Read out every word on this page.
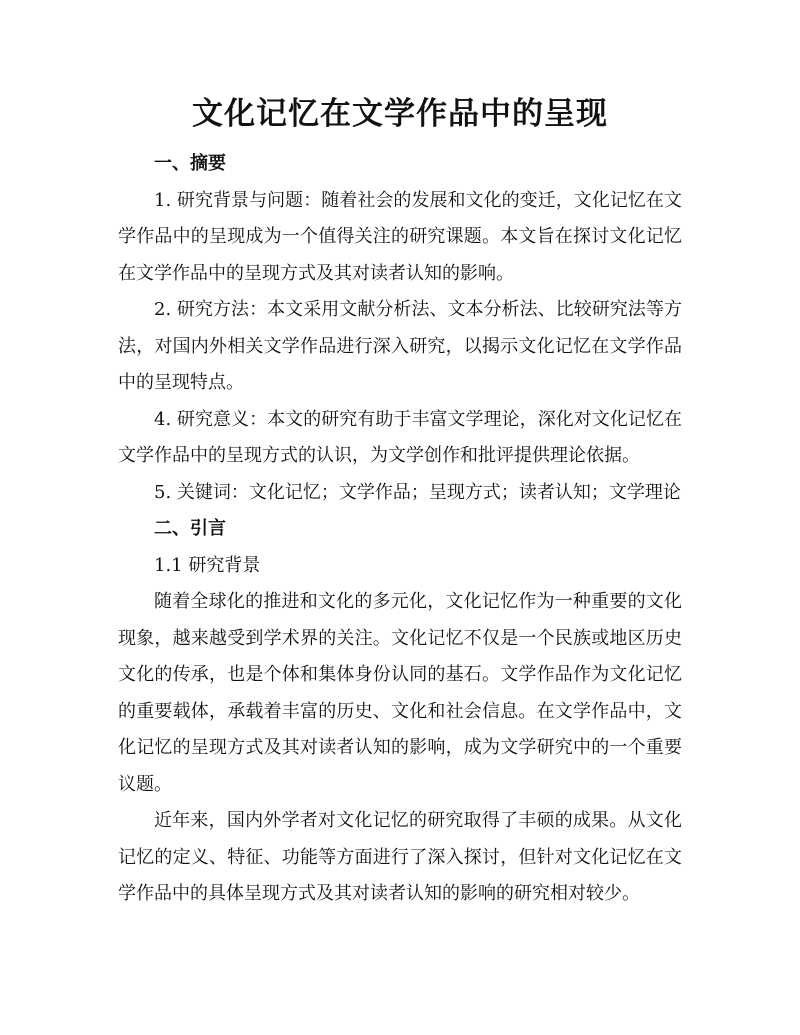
文化记忆在文学作品中的呈现

一、摘要

1. 研究背景与问题：随着社会的发展和文化的变迁，文化记忆在文学作品中的呈现成为一个值得关注的研究课题。本文旨在探讨文化记忆在文学作品中的呈现方式及其对读者认知的影响。

2. 研究方法：本文采用文献分析法、文本分析法、比较研究法等方法，对国内外相关文学作品进行深入研究，以揭示文化记忆在文学作品中的呈现特点。

4. 研究意义：本文的研究有助于丰富文学理论，深化对文化记忆在文学作品中的呈现方式的认识，为文学创作和批评提供理论依据。

5. 关键词：文化记忆；文学作品；呈现方式；读者认知；文学理论

二、引言

1.1 研究背景

随着全球化的推进和文化的多元化，文化记忆作为一种重要的文化现象，越来越受到学术界的关注。文化记忆不仅是一个民族或地区历史文化的传承，也是个体和集体身份认同的基石。文学作品作为文化记忆的重要载体，承载着丰富的历史、文化和社会信息。在文学作品中，文化记忆的呈现方式及其对读者认知的影响，成为文学研究中的一个重要议题。

近年来，国内外学者对文化记忆的研究取得了丰硕的成果。从文化记忆的定义、特征、功能等方面进行了深入探讨，但针对文化记忆在文学作品中的具体呈现方式及其对读者认知的影响的研究相对较少。
